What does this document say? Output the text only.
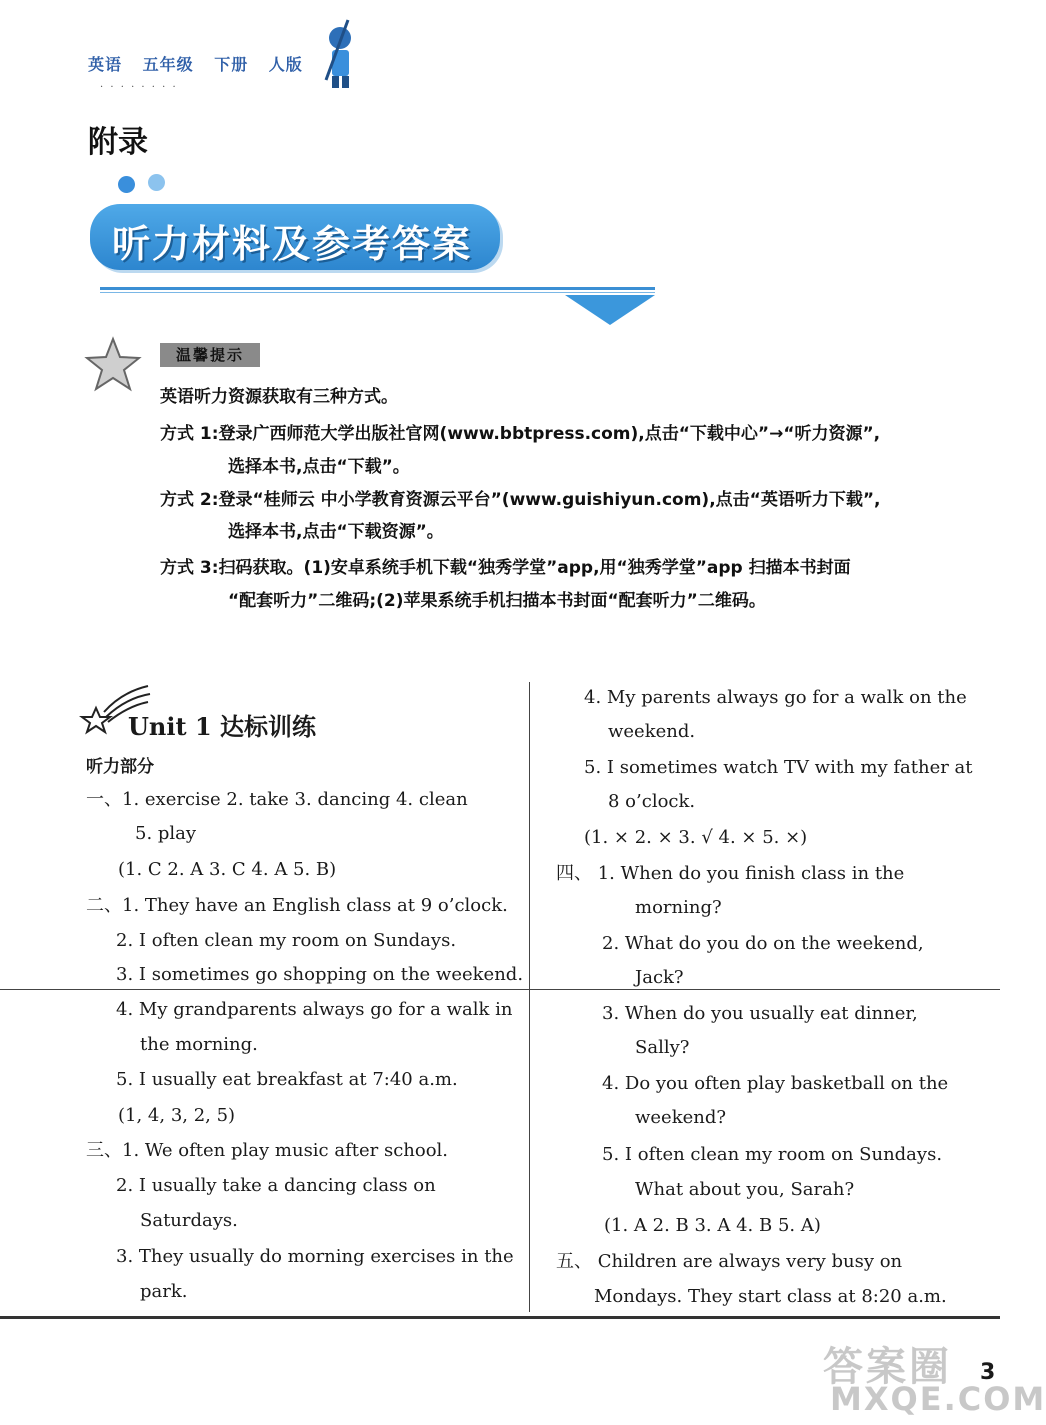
英语 五年级 下册 人版
· · · · · · · ·
附录
听力材料及参考答案
温馨提示
英语听力资源获取有三种方式。
方式 1:登录广西师范大学出版社官网(www.bbtpress.com),点击“下载中心”→“听力资源”,
选择本书,点击“下载”。
方式 2:登录“桂师云 中小学教育资源云平台”(www.guishiyun.com),点击“英语听力下载”,
选择本书,点击“下载资源”。
方式 3:扫码获取。(1)安卓系统手机下载“独秀学堂”app,用“独秀学堂”app 扫描本书封面
“配套听力”二维码;(2)苹果系统手机扫描本书封面“配套听力”二维码。
Unit 1 达标训练
听力部分
一、1. exercise 2. take 3. dancing 4. clean
5. play
(1. C 2. A 3. C 4. A 5. B)
二、1. They have an English class at 9 o’clock.
2. I often clean my room on Sundays.
3. I sometimes go shopping on the weekend.
4. My grandparents always go for a walk in
the morning.
5. I usually eat breakfast at 7:40 a.m.
(1, 4, 3, 2, 5)
三、1. We often play music after school.
2. I usually take a dancing class on
Saturdays.
3. They usually do morning exercises in the
park.
4. My parents always go for a walk on the
weekend.
5. I sometimes watch TV with my father at
8 o’clock.
(1. × 2. × 3. √ 4. × 5. ×)
四、 1. When do you finish class in the
morning?
2. What do you do on the weekend,
Jack?
3. When do you usually eat dinner,
Sally?
4. Do you often play basketball on the
weekend?
5. I often clean my room on Sundays.
What about you, Sarah?
(1. A 2. B 3. A 4. B 5. A)
五、 Children are always very busy on
Mondays. They start class at 8:20 a.m.
答案圈
MXQE.COM
3
